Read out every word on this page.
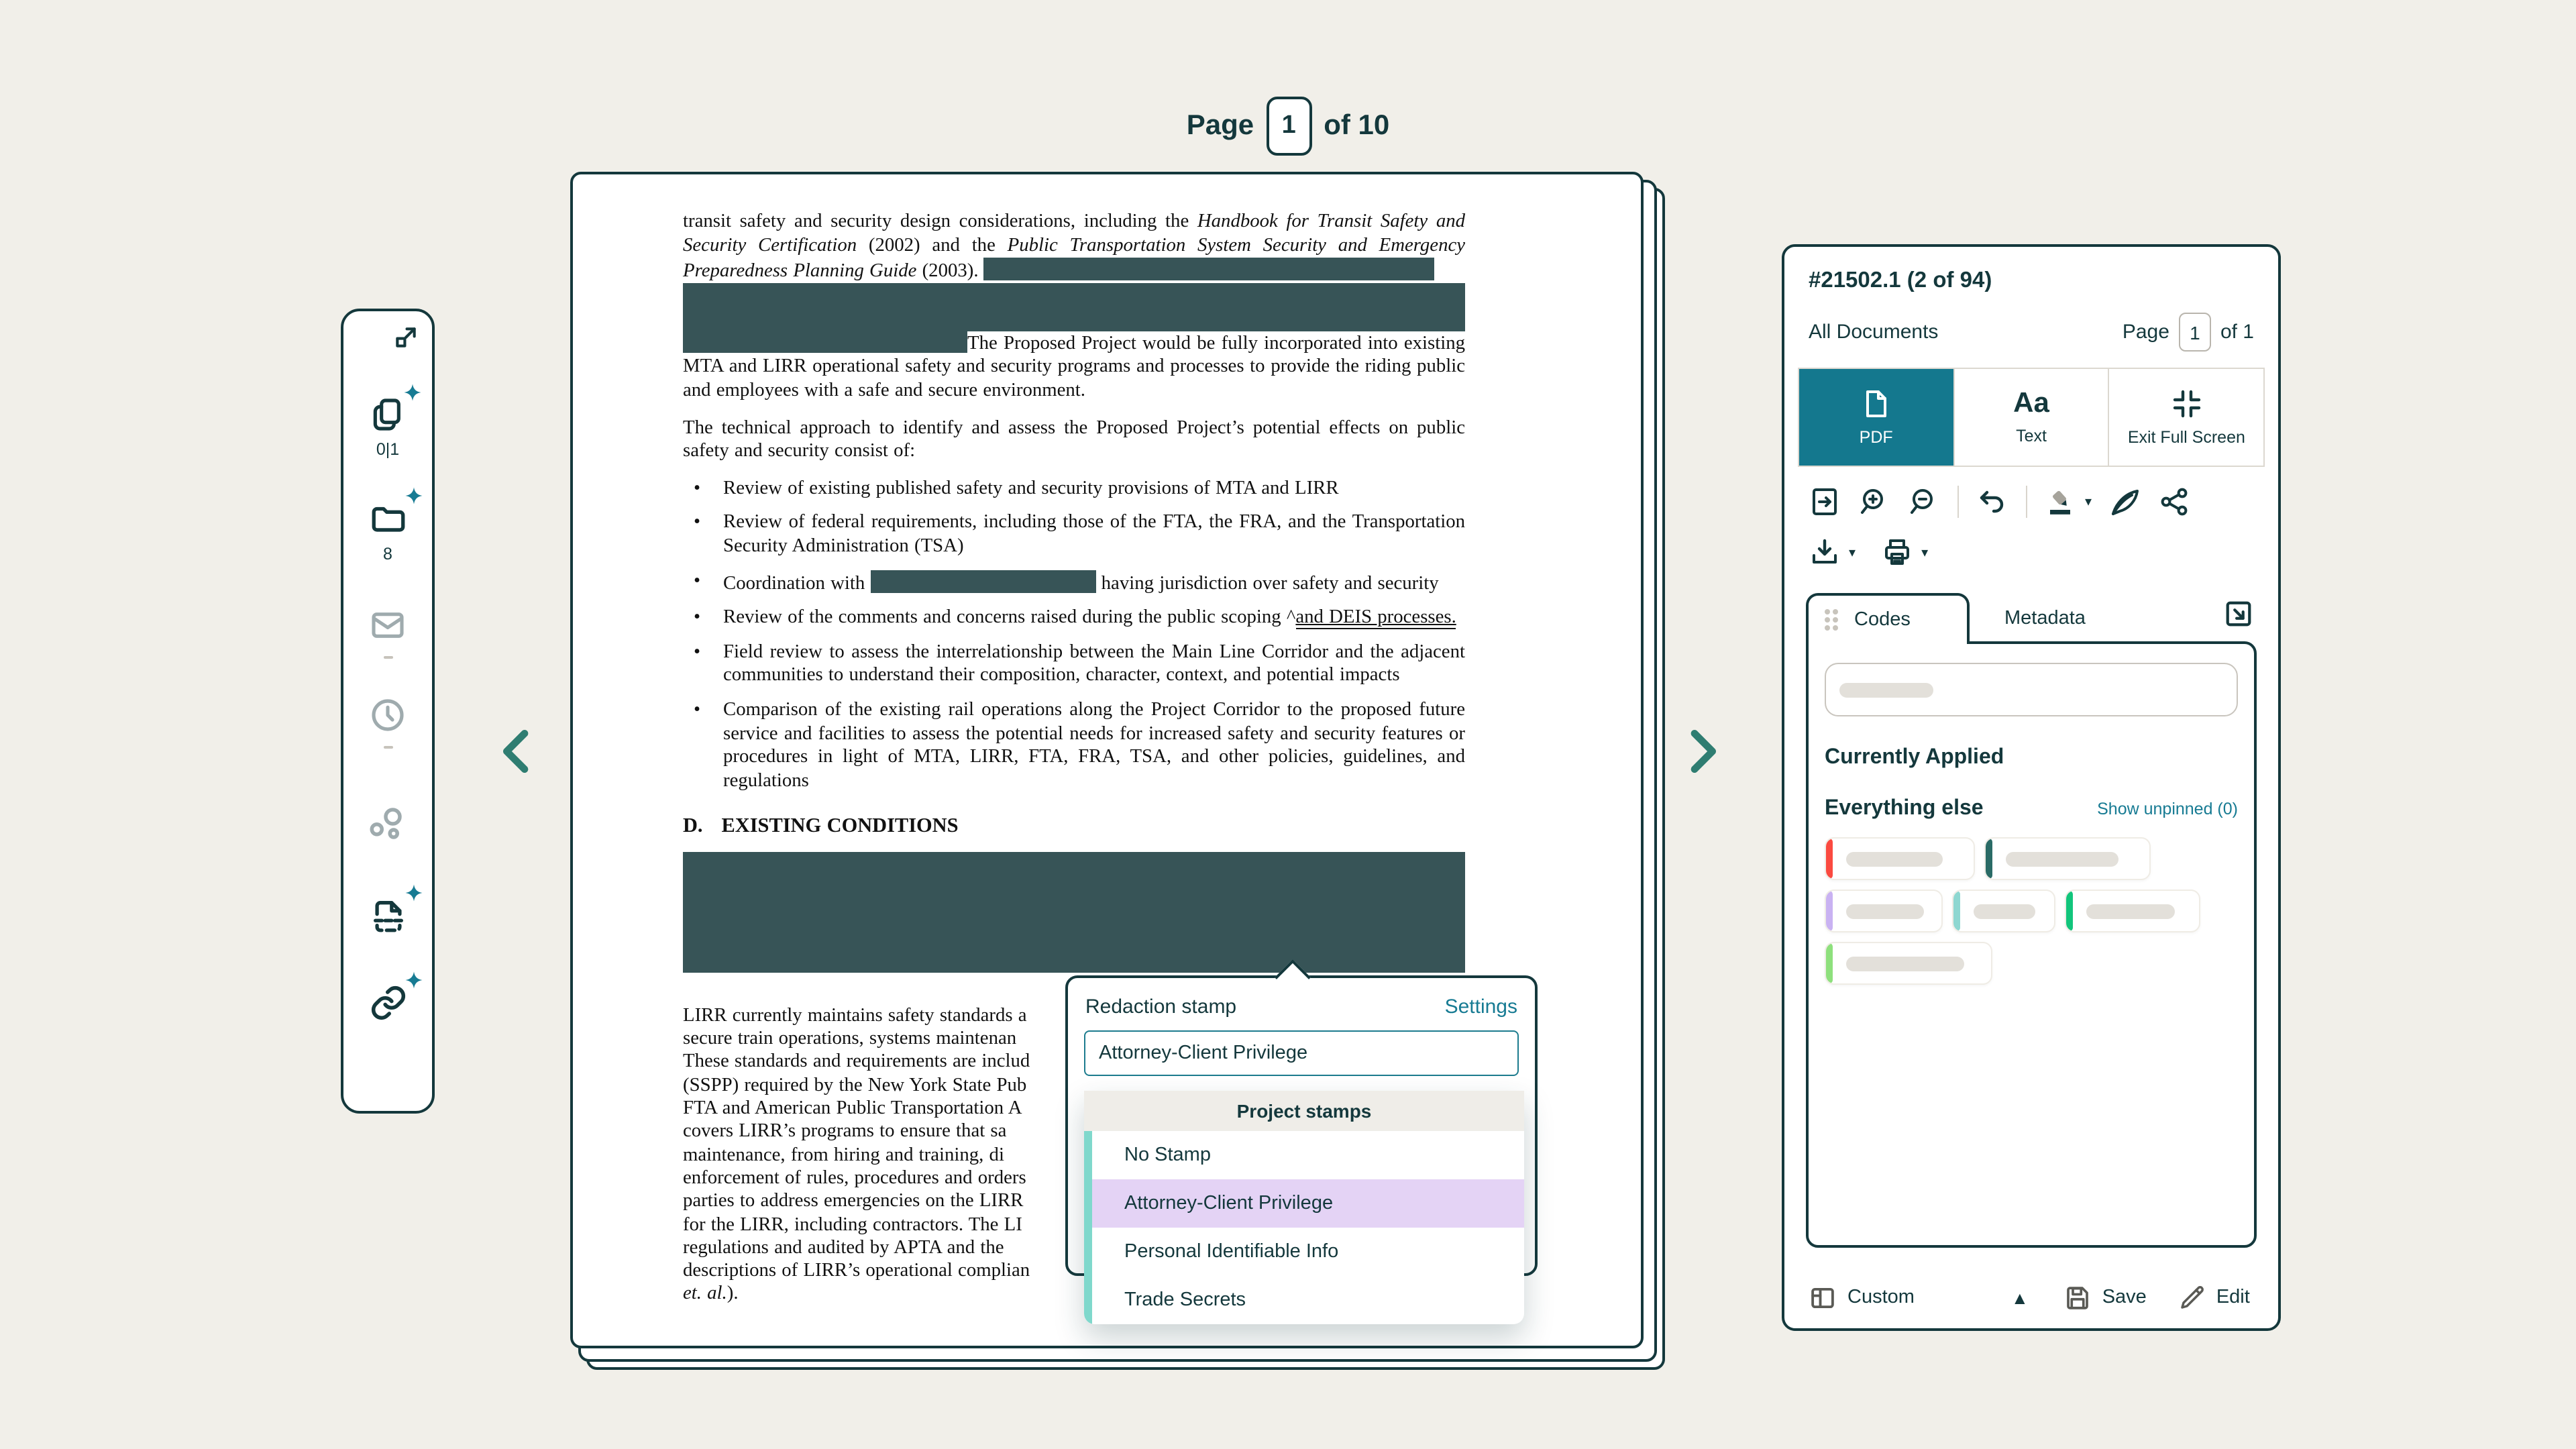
Page	1	of 10
0|1
8

transit safety and security design considerations, including the Handbook for Transit Safety and Security Certification (2002) and the Public Transportation System Security and Emergency Preparedness Planning Guide (2003).

The Proposed Project would be fully incorporated into existing MTA and LIRR operational safety and security programs and processes to provide the riding public and employees with a safe and secure environment.

The technical approach to identify and assess the Proposed Project’s potential effects on public safety and security consist of:

• Review of existing published safety and security provisions of MTA and LIRR
• Review of federal requirements, including those of the FTA, the FRA, and the Transportation Security Administration (TSA)
• Coordination with	having jurisdiction over safety and security
• Review of the comments and concerns raised during the public scoping ^and DEIS processes.
• Field review to assess the interrelationship between the Main Line Corridor and the adjacent communities to understand their composition, character, context, and potential impacts
• Comparison of the existing rail operations along the Project Corridor to the proposed future service and facilities to assess the potential needs for increased safety and security features or procedures in light of MTA, LIRR, FTA, FRA, TSA, and other policies, guidelines, and regulations
D. EXISTING CONDITIONS
LIRR currently maintains safety standards a
secure train operations, systems maintenan
These standards and requirements are includ
(SSPP) required by the New York State Pub
FTA and American Public Transportation A
covers LIRR’s programs to ensure that sa
maintenance, from hiring and training, di
enforcement of rules, procedures and orders
parties to address emergencies on the LIRR
for the LIRR, including contractors. The LI
regulations and audited by APTA and the
descriptions of LIRR’s operational complian
et. al.).
Redaction stamp	Settings
Attorney-Client Privilege
Project stamps
No Stamp
Attorney-Client Privilege
Personal Identifiable Info
Trade Secrets
#21502.1 (2 of 94)
All Documents	Page	1	of 1
PDF
Aa
Text	Exit Full Screen
▾
▾	▾
Codes	Metadata
Currently Applied
Everything else	Show unpinned (0)
Custom	▲	Save	Edit
